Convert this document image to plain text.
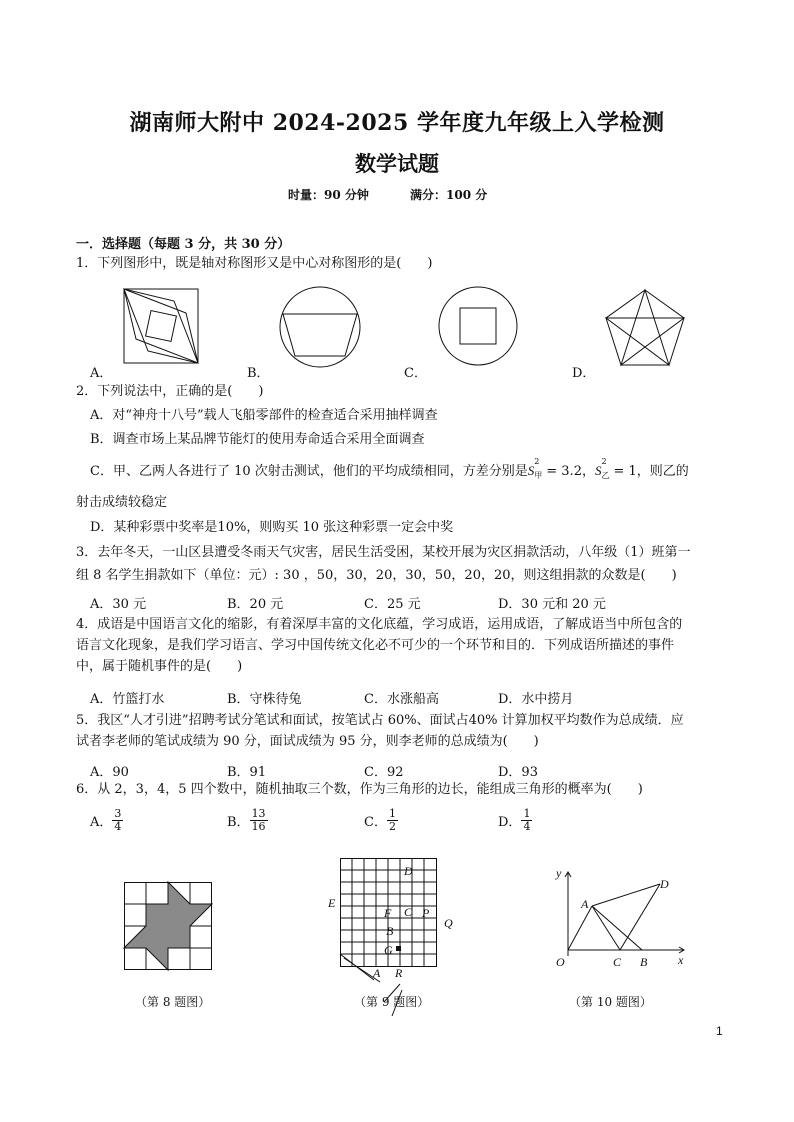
湖南师大附中 2024-2025 学年度九年级上入学检测
数学试题
时量：90 分钟	满分：100 分
一．选择题（每题 3 分，共 30 分）
1．下列图形中，既是轴对称图形又是中心对称图形的是(　　)
A．	B．	C．	D．
2．下列说法中，正确的是(　　)
A．对“神舟十八号”载人飞船零部件的检查适合采用抽样调查
B．调查市场上某品牌节能灯的使用寿命适合采用全面调查
C．甲、乙两人各进行了 10 次射击测试，他们的平均成绩相同，方差分别是S
2
甲 = 3.2，S
2
乙 = 1，则乙的
射击成绩较稳定
D．某种彩票中奖率是10%，则购买 10 张这种彩票一定会中奖
3．去年冬天，一山区县遭受冬雨天气灾害，居民生活受困，某校开展为灾区捐款活动，八年级（1）班第一
组 8 名学生捐款如下（单位：元）: 30 ，50，30，20，30，50，20，20，则这组捐款的众数是(　　)
A．30 元	B．20 元	C．25 元	D．30 元和 20 元
4．成语是中国语言文化的缩影，有着深厚丰富的文化底蕴，学习成语，运用成语，了解成语当中所包含的
语言文化现象，是我们学习语言、学习中国传统文化必不可少的一个环节和目的．下列成语所描述的事件
中，属于随机事件的是(　　)
A．竹篮打水	B．守株待兔	C．水涨船高	D．水中捞月
5．我区“人才引进”招聘考试分笔试和面试，按笔试占 60%、面试占40% 计算加权平均数作为总成绩．应
试者李老师的笔试成绩为 90 分，面试成绩为 95 分，则李老师的总成绩为(　　)
A．90	B．91	C．92	D．93
6．从 2，3，4，5 四个数中，随机抽取三个数，作为三角形的边长，能组成三角形的概率为(　　)
A． $\frac{3}{4}$	B． $\frac{13}{16}$	C． $\frac{1}{2}$	D． $\frac{1}{4}$
（第 8 题图）
D
E
F C P
Q
B
G
A R
（第 9 题图）
y
A
D
O	C B	x
（第 10 题图）
1
